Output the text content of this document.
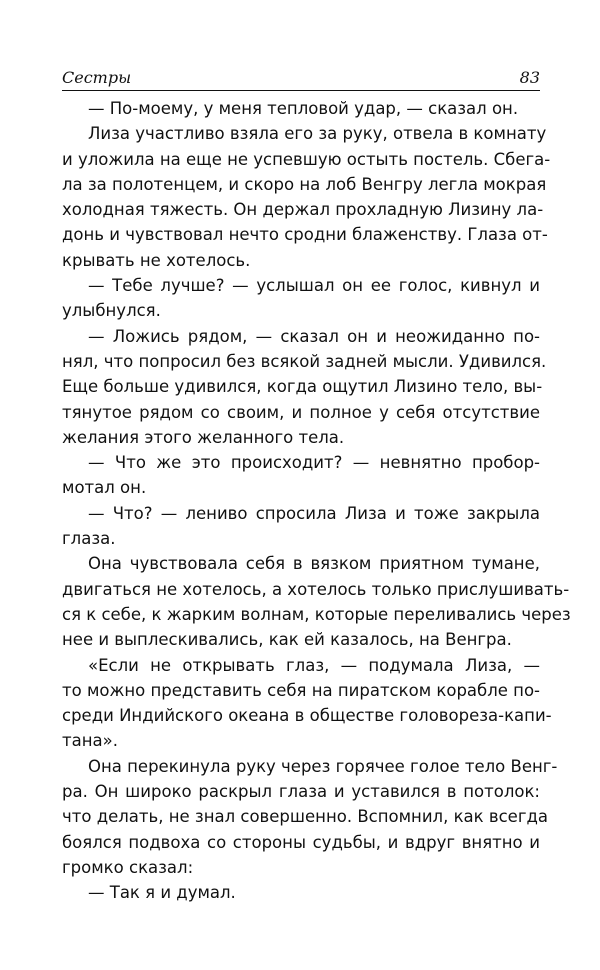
Сестры	83
— По-моему, у меня тепловой удар, — сказал он.
Лиза участливо взяла его за руку, отвела в комнату
и уложила на еще не успевшую остыть постель. Сбега-
ла за полотенцем, и скоро на лоб Венгру легла мокрая
холодная тяжесть. Он держал прохладную Лизину ла-
донь и чувствовал нечто сродни блаженству. Глаза от-
крывать не хотелось.
— Тебе лучше? — услышал он ее голос, кивнул и
улыбнулся.
— Ложись рядом, — сказал он и неожиданно по-
нял, что попросил без всякой задней мысли. Удивился.
Еще больше удивился, когда ощутил Лизино тело, вы-
тянутое рядом со своим, и полное у себя отсутствие
желания этого желанного тела.
— Что же это происходит? — невнятно пробор-
мотал он.
— Что? — лениво спросила Лиза и тоже закрыла
глаза.
Она чувствовала себя в вязком приятном тумане,
двигаться не хотелось, а хотелось только прислушивать-
ся к себе, к жарким волнам, которые переливались через
нее и выплескивались, как ей казалось, на Венгра.
«Если не открывать глаз, — подумала Лиза, —
то можно представить себя на пиратском корабле по-
среди Индийского океана в обществе головореза-капи-
тана».
Она перекинула руку через горячее голое тело Венг-
ра. Он широко раскрыл глаза и уставился в потолок:
что делать, не знал совершенно. Вспомнил, как всегда
боялся подвоха со стороны судьбы, и вдруг внятно и
громко сказал:
— Так я и думал.
